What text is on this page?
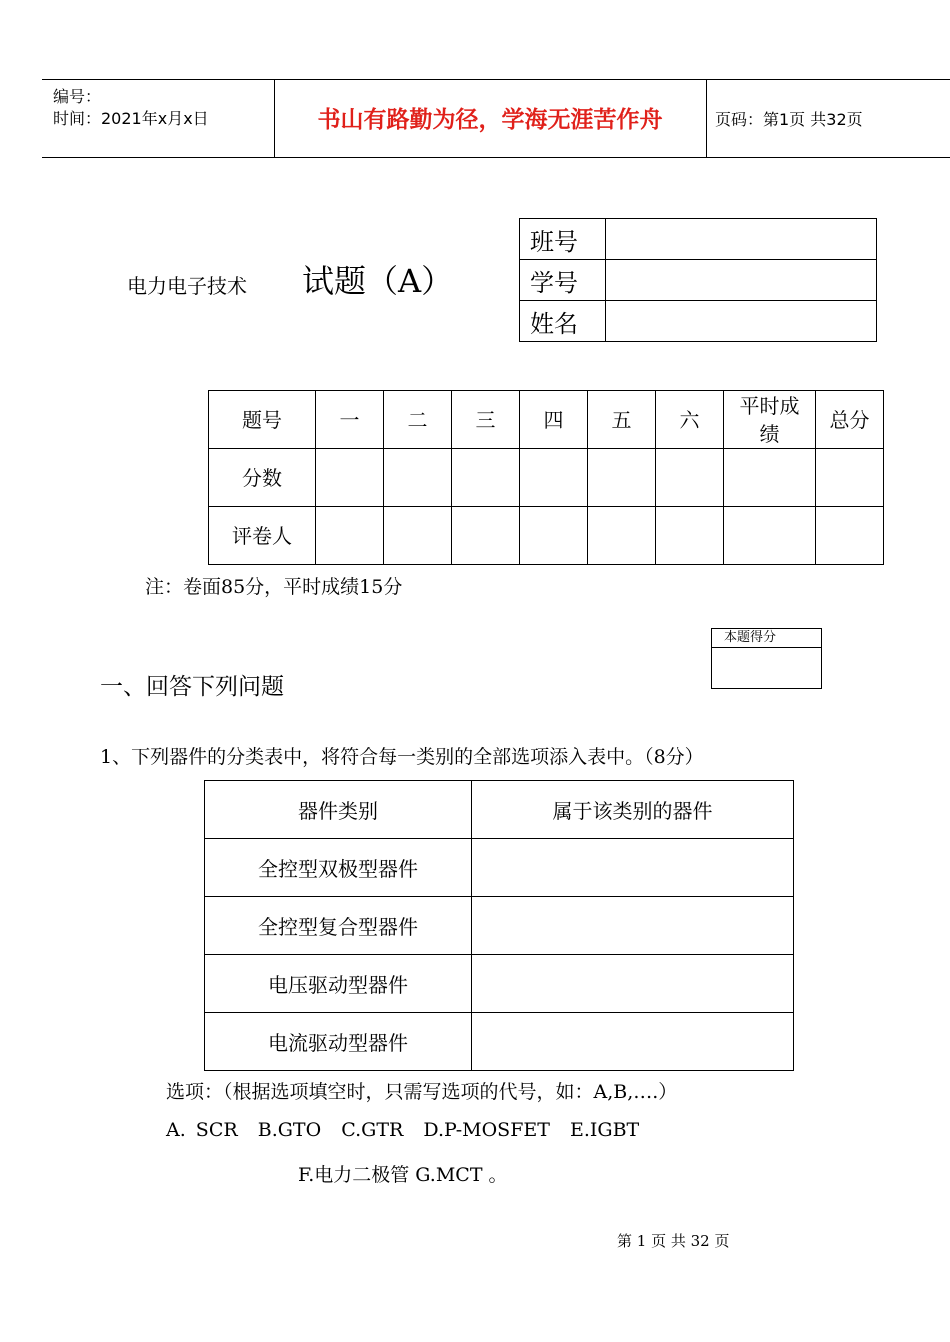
编号：
时间：2021年x月x日	书山有路勤为径，学海无涯苦作舟	页码：第1页 共32页
电力电子技术 试题（A）
班号	
学号	
姓名	
题号	一	二	三	四	五	六	平时成绩	总分
分数								
评卷人								
注：卷面85分，平时成绩15分
本题得分
一、回答下列问题
1、下列器件的分类表中，将符合每一类别的全部选项添入表中。（8分）
器件类别	属于该类别的器件
全控型双极型器件	
全控型复合型器件	
电压驱动型器件	
电流驱动型器件	
选项：（根据选项填空时，只需写选项的代号，如：A,B,….）
A. SCR  B.GTO  C.GTR  D.P-MOSFET  E.IGBT
F.电力二极管 G.MCT 。
第 1 页 共 32 页
